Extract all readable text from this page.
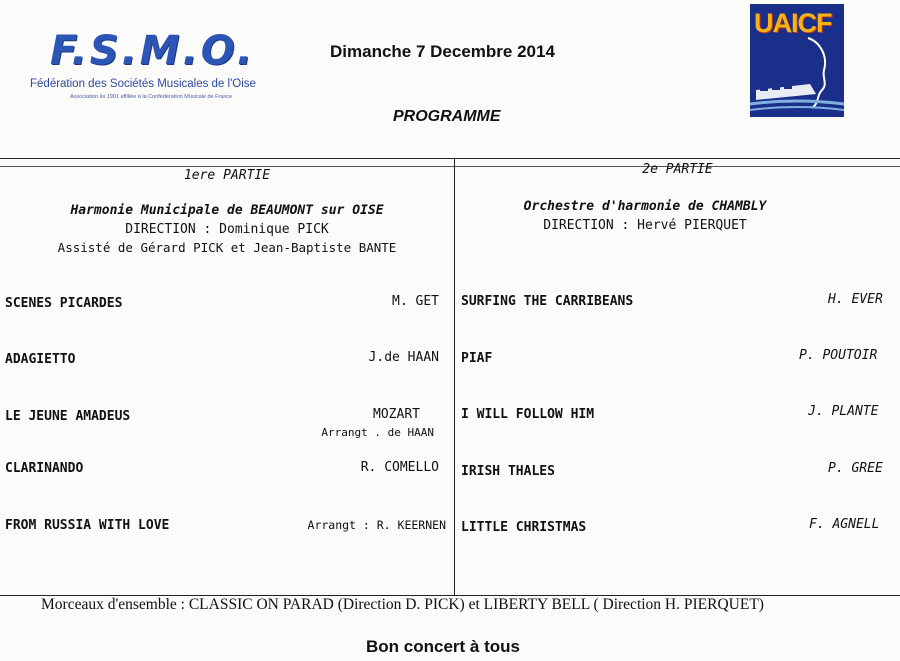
F.S.M.O.
Fédération des Sociétés Musicales de l'Oise
Association loi 1901 affiliée à la Confédération Musicale de France
Dimanche 7 Decembre 2014
PROGRAMME
UAICF
1ere PARTIE
Harmonie Municipale de BEAUMONT sur OISE
DIRECTION : Dominique PICK
Assisté de Gérard PICK et Jean-Baptiste BANTE
SCENES PICARDES	M. GET
ADAGIETTO	J.de HAAN
LE JEUNE AMADEUS	MOZART
Arrangt . de HAAN
CLARINANDO	R. COMELLO
FROM RUSSIA WITH LOVE	Arrangt : R. KEERNEN
2e PARTIE
Orchestre d'harmonie de CHAMBLY
DIRECTION : Hervé PIERQUET
SURFING THE CARRIBEANS	H. EVER
PIAF	P. POUTOIR
I WILL FOLLOW HIM	J. PLANTE
IRISH THALES	P. GREE
LITTLE CHRISTMAS	F. AGNELL
Morceaux d'ensemble : CLASSIC ON PARAD (Direction D. PICK) et LIBERTY BELL ( Direction H. PIERQUET)
Bon concert à tous
